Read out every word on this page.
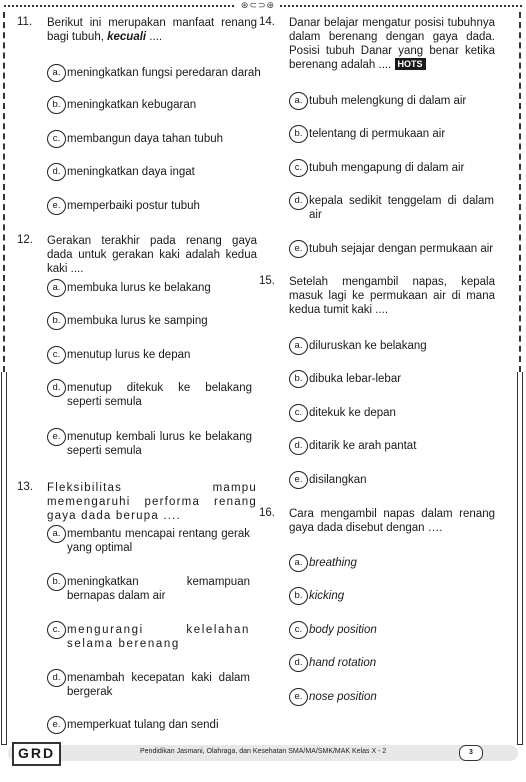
⊛⊂⊃⊛
11.	Berikut ini merupakan manfaat renang bagi tubuh, kecuali ....
a. meningkatkan fungsi peredaran darah
b. meningkatkan kebugaran
c. membangun daya tahan tubuh
d. meningkatkan daya ingat
e. memperbaiki postur tubuh
12.	Gerakan terakhir pada renang gaya dada untuk gerakan kaki adalah kedua kaki ....
a. membuka lurus ke belakang
b. membuka lurus ke samping
c. menutup lurus ke depan
d. menutup ditekuk ke belakang seperti semula
e. menutup kembali lurus ke belakang seperti semula
13.	Fleksibilitas mampu memengaruhi performa renang gaya dada berupa ....
a. membantu mencapai rentang gerak yang optimal
b. meningkatkan kemampuan bernapas dalam air
c. mengurangi kelelahan selama berenang
d. menambah kecepatan kaki dalam bergerak
e. memperkuat tulang dan sendi
14.	Danar belajar mengatur posisi tubuhnya dalam berenang dengan gaya dada. Posisi tubuh Danar yang benar ketika berenang adalah .... HOTS
a. tubuh melengkung di dalam air
b. telentang di permukaan air
c. tubuh mengapung di dalam air
d. kepala sedikit tenggelam di dalam air
e. tubuh sejajar dengan permukaan air
15.	Setelah mengambil napas, kepala masuk lagi ke permukaan air di mana kedua tumit kaki ....
a. diluruskan ke belakang
b. dibuka lebar-lebar
c. ditekuk ke depan
d. ditarik ke arah pantat
e. disilangkan
16.	Cara mengambil napas dalam renang gaya dada disebut dengan ….
a. breathing
b. kicking
c. body position
d. hand rotation
e. nose position
GRD	Pendidikan Jasmani, Olahraga, dan Kesehatan SMA/MA/SMK/MAK Kelas X - 2	3
